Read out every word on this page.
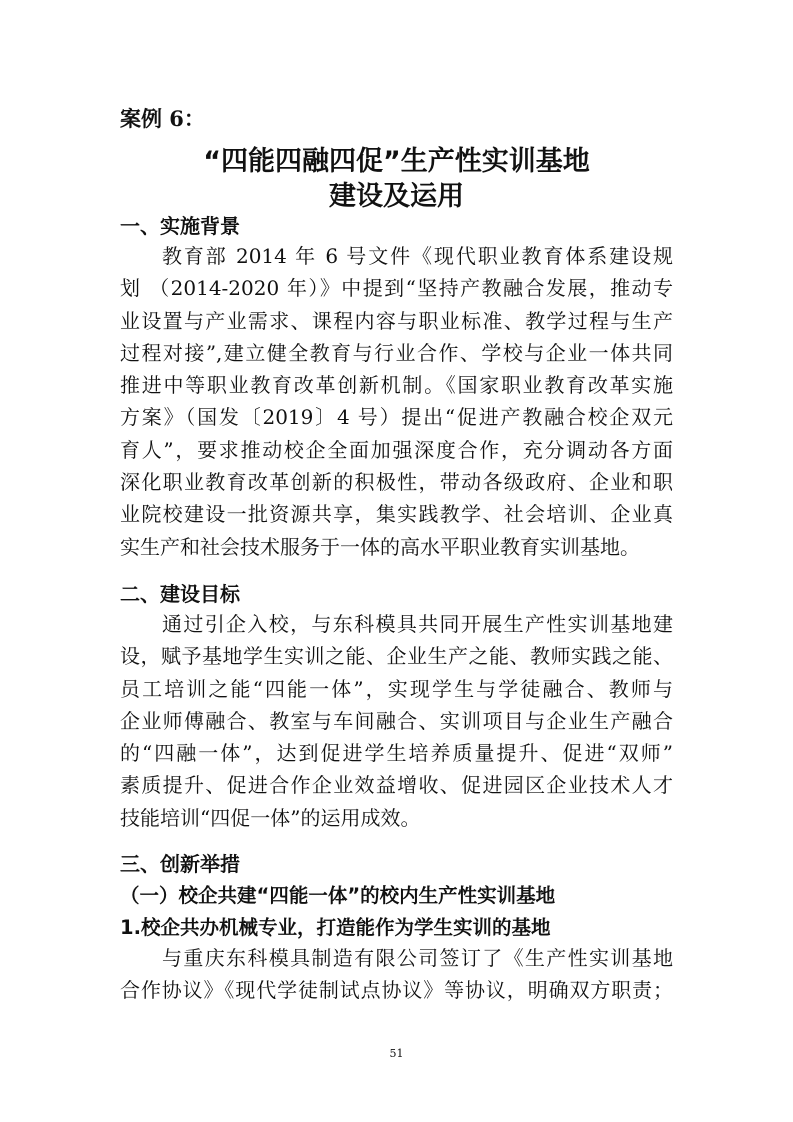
案例 6：
“四能四融四促”生产性实训基地
建设及运用
一、实施背景
教育部 2014 年 6 号文件《现代职业教育体系建设规
划 （2014-2020 年）》中提到“坚持产教融合发展，推动专
业设置与产业需求、课程内容与职业标准、教学过程与生产
过程对接”,建立健全教育与行业合作、学校与企业一体共同
推进中等职业教育改革创新机制。《国家职业教育改革实施
方案》（国发〔2019〕4 号）提出“促进产教融合校企双元
育人”，要求推动校企全面加强深度合作，充分调动各方面
深化职业教育改革创新的积极性，带动各级政府、企业和职
业院校建设一批资源共享，集实践教学、社会培训、企业真
实生产和社会技术服务于一体的高水平职业教育实训基地。
二、建设目标
通过引企入校，与东科模具共同开展生产性实训基地建
设，赋予基地学生实训之能、企业生产之能、教师实践之能、
员工培训之能“四能一体”，实现学生与学徒融合、教师与
企业师傅融合、教室与车间融合、实训项目与企业生产融合
的“四融一体”，达到促进学生培养质量提升、促进“双师”
素质提升、促进合作企业效益增收、促进园区企业技术人才
技能培训“四促一体”的运用成效。
三、创新举措
（一）校企共建“四能一体”的校内生产性实训基地
1.校企共办机械专业，打造能作为学生实训的基地
与重庆东科模具制造有限公司签订了《生产性实训基地
合作协议》《现代学徒制试点协议》等协议，明确双方职责；
51
